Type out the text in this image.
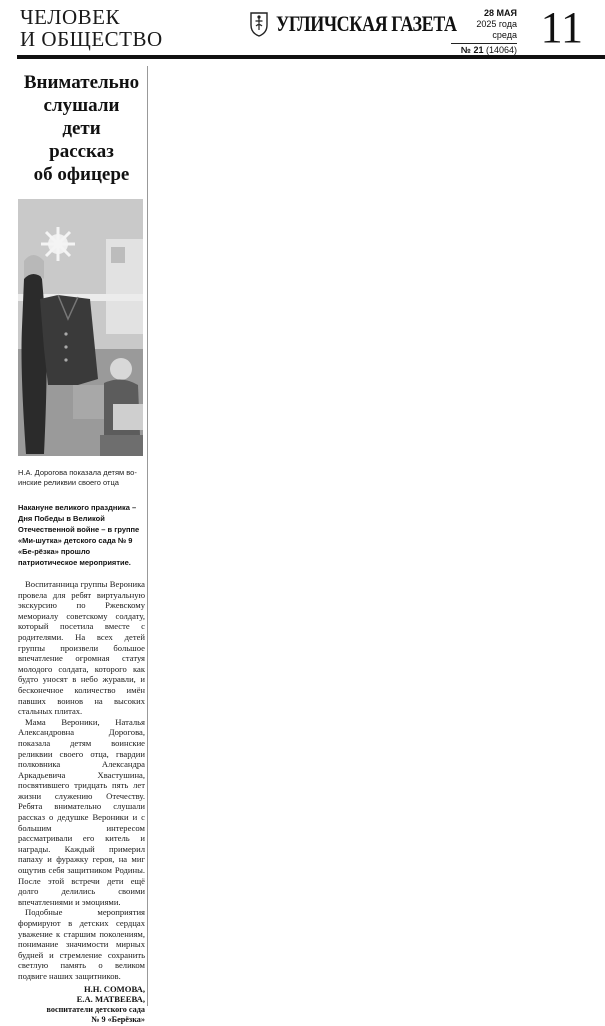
ЧЕЛОВЕК
И ОБЩЕСТВО
УГЛИЧСКАЯ ГАЗЕТА	28 МАЯ
2025 года
среда
№ 21 (14064) 11
Внимательно
слушали
дети
рассказ
об офицере
Н.А. Дорогова показала детям во-инские реликвии своего отца
Накануне великого праздника – Дня Победы в Великой Отечественной войне – в группе «Ми-шутка» детского сада № 9 «Бе-рёзка» прошло патриотическое мероприятие.

Воспитанница группы Вероника провела для ребят виртуальную экскурсию по Ржевскому мемориалу советскому солдату, который посетила вместе с родителями. На всех детей группы произвели большое впечатление огромная статуя молодого солдата, которого как будто уносят в небо журавли, и бесконечное количество имён павших воинов на высоких стальных плитах.

Мама Вероники, Наталья Александровна Дорогова, показала детям воинские реликвии своего отца, гвардии полковника Александра Аркадьевича Хвастушина, посвятившего тридцать пять лет жизни служению Отечеству. Ребята внимательно слушали рассказ о дедушке Вероники и с большим интересом рассматривали его китель и награды. Каждый примерил папаху и фуражку героя, на миг ощутив себя защитником Родины. После этой встречи дети ещё долго делились своими впечатлениями и эмоциями.

Подобные мероприятия формируют в детских сердцах уважение к старшим поколениям, понимание значимости мирных будней и стремление сохранить светлую память о великом подвиге наших защитников.

Н.Н. СОМОВА,
Е.А. МАТВЕЕВА,
воспитатели детского сада
№ 9 «Берёзка»
